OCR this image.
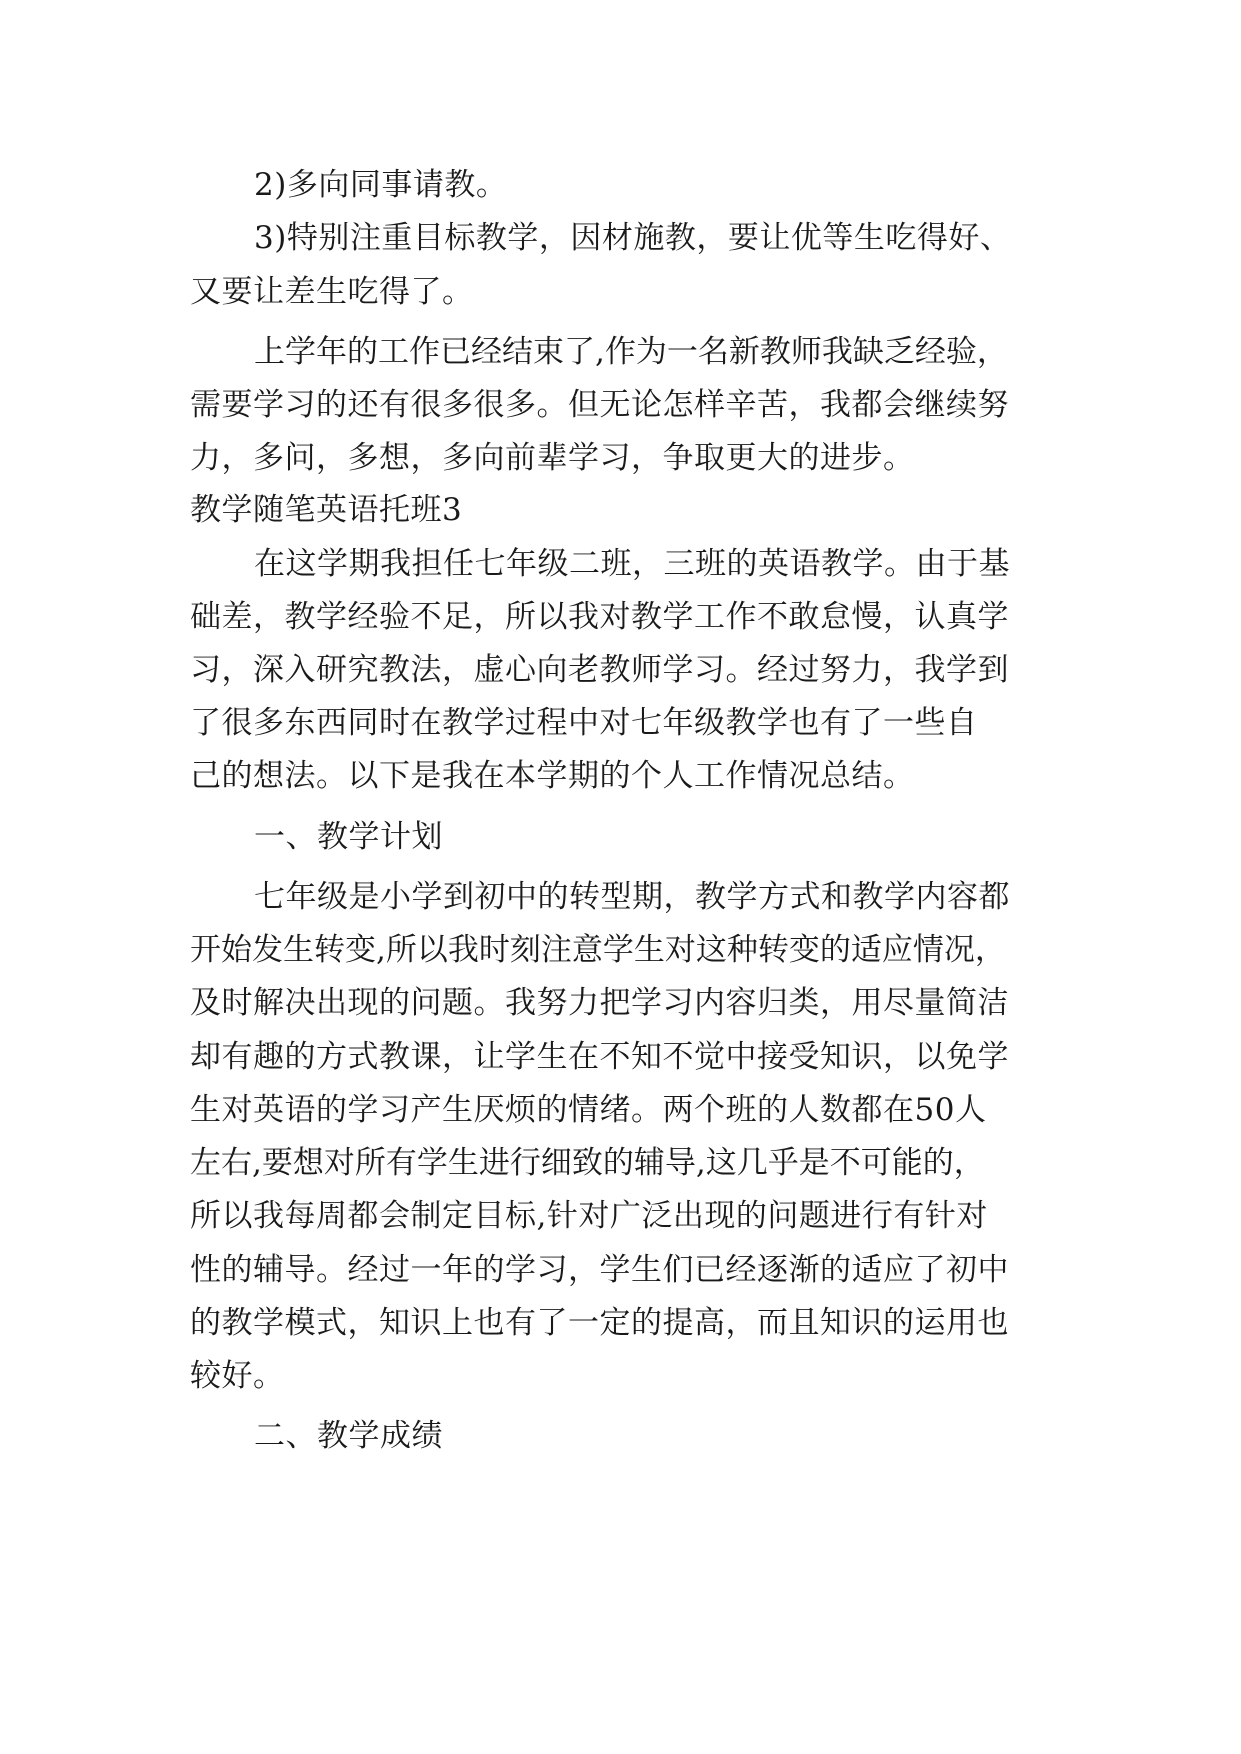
2)多向同事请教。
3)特别注重目标教学，因材施教，要让优等生吃得好、
又要让差生吃得了。
上学年的工作已经结束了,作为一名新教师我缺乏经验，
需要学习的还有很多很多。但无论怎样辛苦，我都会继续努
力，多问，多想，多向前辈学习，争取更大的进步。
教学随笔英语托班3
在这学期我担任七年级二班，三班的英语教学。由于基
础差，教学经验不足，所以我对教学工作不敢怠慢，认真学
习，深入研究教法，虚心向老教师学习。经过努力，我学到
了很多东西同时在教学过程中对七年级教学也有了一些自
己的想法。以下是我在本学期的个人工作情况总结。
一、教学计划
七年级是小学到初中的转型期，教学方式和教学内容都
开始发生转变,所以我时刻注意学生对这种转变的适应情况，
及时解决出现的问题。我努力把学习内容归类，用尽量简洁
却有趣的方式教课，让学生在不知不觉中接受知识，以免学
生对英语的学习产生厌烦的情绪。两个班的人数都在50人
左右,要想对所有学生进行细致的辅导,这几乎是不可能的，
所以我每周都会制定目标,针对广泛出现的问题进行有针对
性的辅导。经过一年的学习，学生们已经逐渐的适应了初中
的教学模式，知识上也有了一定的提高，而且知识的运用也
较好。
二、教学成绩
